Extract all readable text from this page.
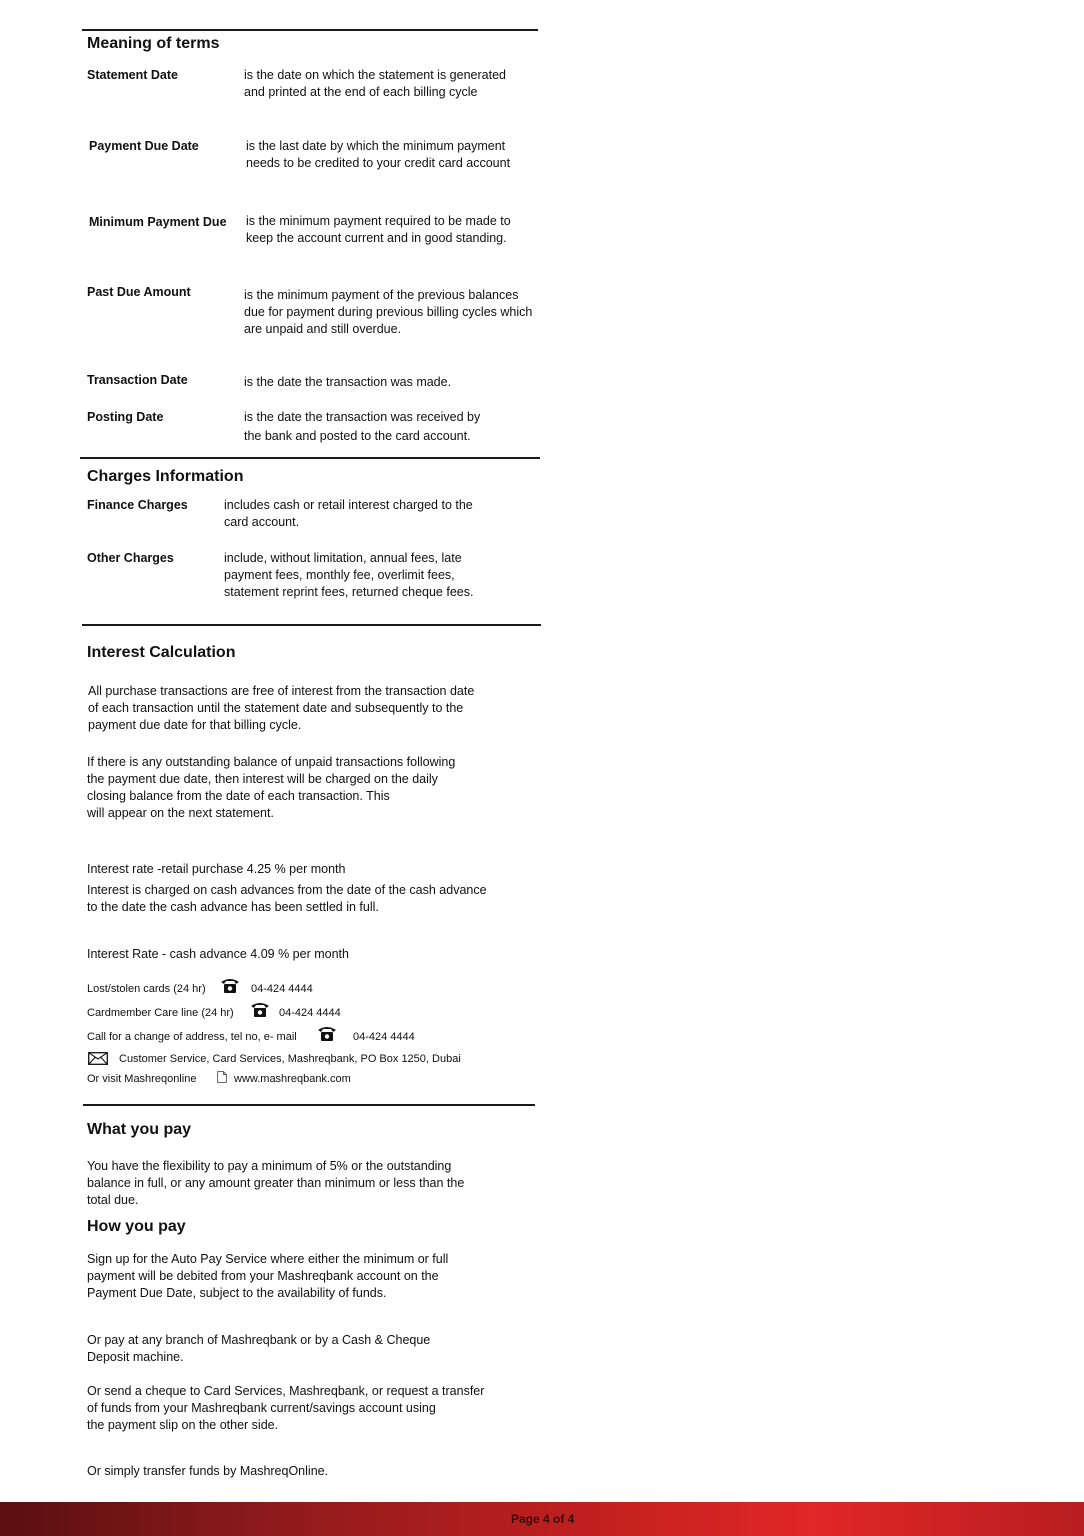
Meaning of terms
Statement Date	is the date on which the statement is generated
and printed at the end of each billing cycle
Payment Due Date	is the last date by which the minimum payment
needs to be credited to your credit card account
Minimum Payment Due is the minimum payment required to be made to
keep the account current and in good standing.
Past Due Amount	is the minimum payment of the previous balances
due for payment during previous billing cycles which
are unpaid and still overdue.
Transaction Date	is the date the transaction was made.
Posting Date	is the date the transaction was received by
the bank and posted to the card account.
Charges Information
Finance Charges	includes cash or retail interest charged to the
card account.
Other Charges	include, without limitation, annual fees, late
payment fees, monthly fee, overlimit fees,
statement reprint fees, returned cheque fees.
Interest Calculation
All purchase transactions are free of interest from the transaction date
of each transaction until the statement date and subsequently to the
payment due date for that billing cycle.
If there is any outstanding balance of unpaid transactions following
the payment due date, then interest will be charged on the daily
closing balance from the date of each transaction. This
will appear on the next statement.
Interest rate -retail purchase 4.25 % per month
Interest is charged on cash advances from the date of the cash advance
to the date the cash advance has been settled in full.
Interest Rate - cash advance 4.09 % per month
Lost/stolen cards (24 hr)	04-424 4444
Cardmember Care line (24 hr)	04-424 4444
Call for a change of address, tel no, e- mail	04-424 4444
Customer Service, Card Services, Mashreqbank, PO Box 1250, Dubai
Or visit Mashreqonline	www.mashreqbank.com
What you pay
You have the flexibility to pay a minimum of 5% or the outstanding
balance in full, or any amount greater than minimum or less than the
total due.
How you pay
Sign up for the Auto Pay Service where either the minimum or full
payment will be debited from your Mashreqbank account on the
Payment Due Date, subject to the availability of funds.
Or pay at any branch of Mashreqbank or by a Cash & Cheque
Deposit machine.
Or send a cheque to Card Services, Mashreqbank, or request a transfer
of funds from your Mashreqbank current/savings account using
the payment slip on the other side.
Or simply transfer funds by MashreqOnline.
Page 4 of 4
